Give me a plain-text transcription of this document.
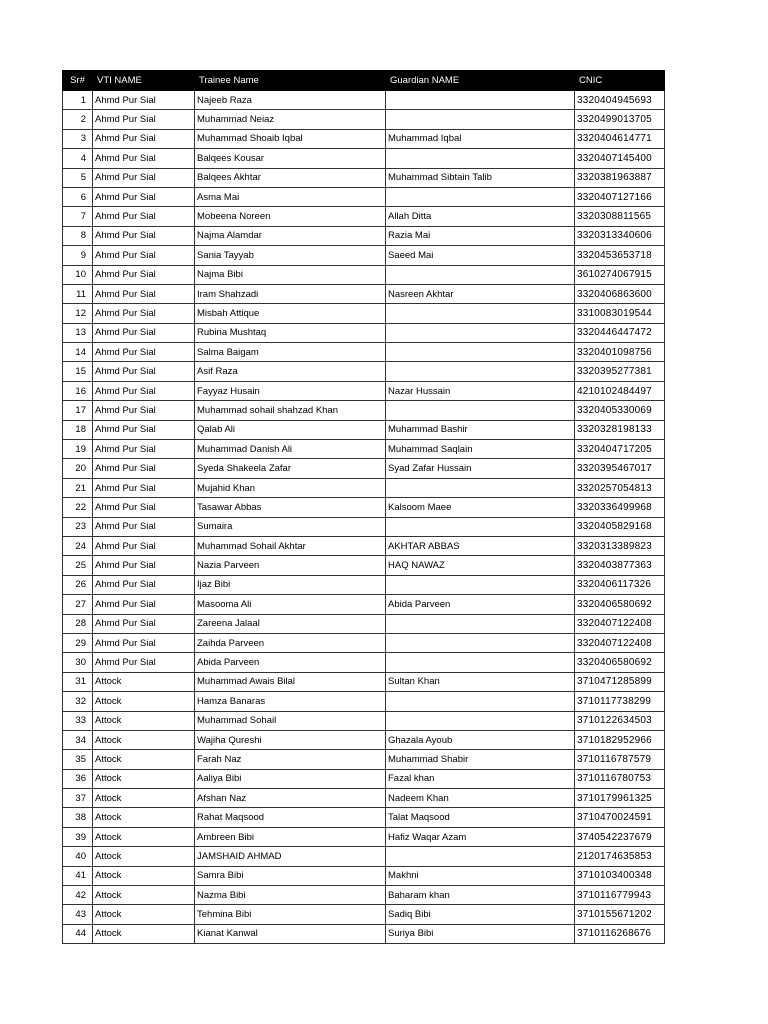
Sr#	VTI NAME	Trainee Name	Guardian NAME	CNIC
1	Ahmd Pur Sial	Najeeb Raza		3320404945693
2	Ahmd Pur Sial	Muhammad Neiaz		3320499013705
3	Ahmd Pur Sial	Muhammad Shoaib Iqbal	Muhammad Iqbal	3320404614771
4	Ahmd Pur Sial	Balqees Kousar		3320407145400
5	Ahmd Pur Sial	Balqees Akhtar	Muhammad Sibtain Talib	3320381963887
6	Ahmd Pur Sial	Asma Mai		3320407127166
7	Ahmd Pur Sial	Mobeena Noreen	Allah Ditta	3320308811565
8	Ahmd Pur Sial	Najma Alamdar	Razia Mai	3320313340606
9	Ahmd Pur Sial	Sania Tayyab	Saeed Mai	3320453653718
10	Ahmd Pur Sial	Najma Bibi		3610274067915
11	Ahmd Pur Sial	Iram Shahzadi	Nasreen Akhtar	3320406863600
12	Ahmd Pur Sial	Misbah Attique		3310083019544
13	Ahmd Pur Sial	Rubina Mushtaq		3320446447472
14	Ahmd Pur Sial	Salma Baigam		3320401098756
15	Ahmd Pur Sial	Asif Raza		3320395277381
16	Ahmd Pur Sial	Fayyaz Husain	Nazar Hussain	4210102484497
17	Ahmd Pur Sial	Muhammad sohail shahzad Khan		3320405330069
18	Ahmd Pur Sial	Qalab Ali	Muhammad Bashir	3320328198133
19	Ahmd Pur Sial	Muhammad Danish Ali	Muhammad Saqlain	3320404717205
20	Ahmd Pur Sial	Syeda Shakeela Zafar	Syad Zafar Hussain	3320395467017
21	Ahmd Pur Sial	Mujahid Khan		3320257054813
22	Ahmd Pur Sial	Tasawar Abbas	Kalsoom Maee	3320336499968
23	Ahmd Pur Sial	Sumaira		3320405829168
24	Ahmd Pur Sial	Muhammad Sohail Akhtar	AKHTAR ABBAS	3320313389823
25	Ahmd Pur Sial	Nazia Parveen	HAQ NAWAZ	3320403877363
26	Ahmd Pur Sial	Ijaz Bibi		3320406117326
27	Ahmd Pur Sial	Masooma Ali	Abida Parveen	3320406580692
28	Ahmd Pur Sial	Zareena Jalaal		3320407122408
29	Ahmd Pur Sial	Zaihda Parveen		3320407122408
30	Ahmd Pur Sial	Abida Parveen		3320406580692
31	Attock	Muhammad Awais Bilal	Sultan Khan	3710471285899
32	Attock	Hamza Banaras		3710117738299
33	Attock	Muhammad Sohail		3710122634503
34	Attock	Wajiha Qureshi	Ghazala Ayoub	3710182952966
35	Attock	Farah Naz	Muhammad Shabir	3710116787579
36	Attock	Aaliya Bibi	Fazal khan	3710116780753
37	Attock	Afshan Naz	Nadeem Khan	3710179961325
38	Attock	Rahat Maqsood	Talat Maqsood	3710470024591
39	Attock	Ambreen Bibi	Hafiz Waqar Azam	3740542237679
40	Attock	JAMSHAID AHMAD		2120174635853
41	Attock	Samra Bibi	Makhni	3710103400348
42	Attock	Nazma Bibi	Baharam khan	3710116779943
43	Attock	Tehmina Bibi	Sadiq Bibi	3710155671202
44	Attock	Kianat Kanwal	Suriya Bibi	3710116268676
